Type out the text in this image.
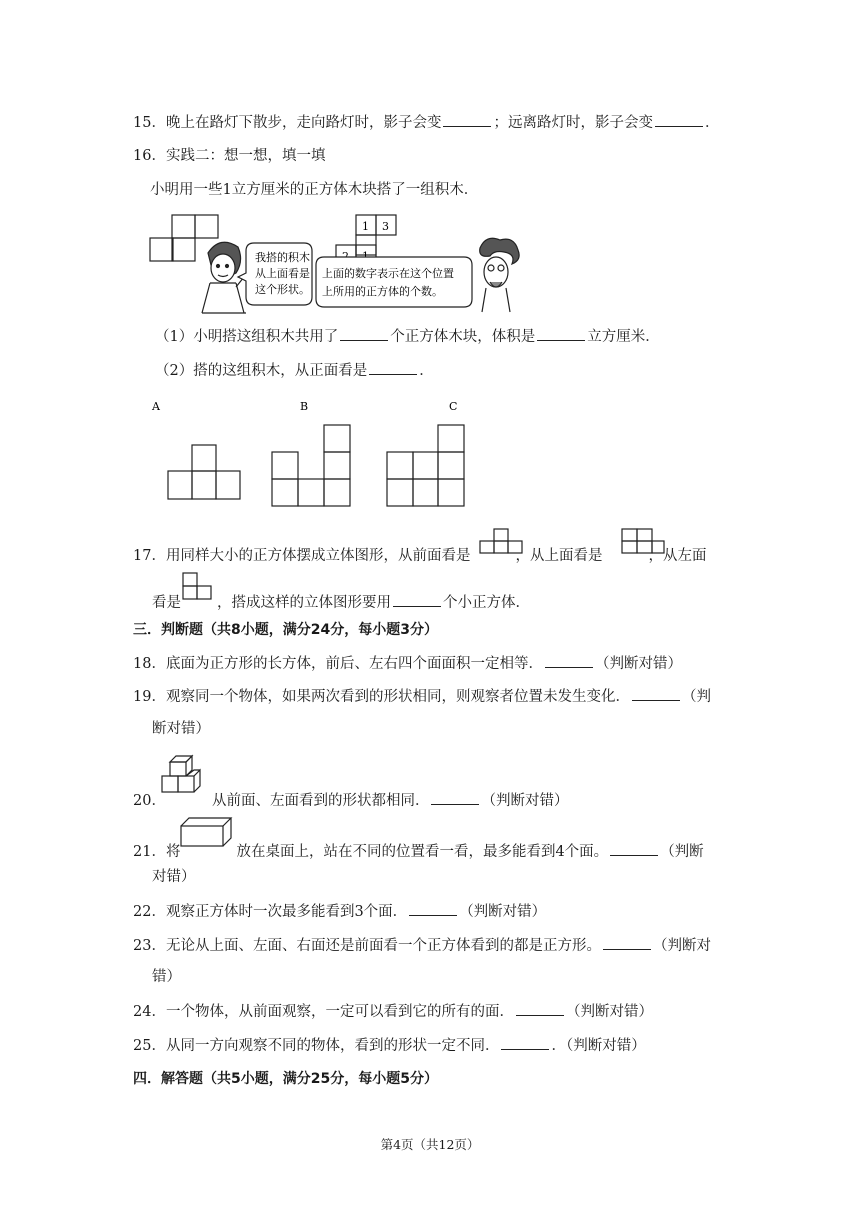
15．晚上在路灯下散步，走向路灯时，影子会变	；远离路灯时，影子会变	．
16．实践二：想一想，填一填
小明用一些1立方厘米的正方体木块搭了一组积木．
我搭的积木
从上面看是
这个形状。
1 3
上面的数字表示在这个位置
上所用的正方体的个数。
（1）小明搭这组积木共用了	个正方体木块，体积是	立方厘米．
（2）搭的这组积木，从正面看是	．
A	B	C
17．用同样大小的正方体摆成立体图形，从前面看是	，从上面看是	，从左面
看是 ，搭成这样的立体图形要用	个小正方体．
三．判断题（共8小题，满分24分，每小题3分）
18．底面为正方形的长方体，前后、左右四个面面积一定相等．	（判断对错）
19．观察同一个物体，如果两次看到的形状相同，则观察者位置未发生变化．	（判
断对错）
20．	从前面、左面看到的形状都相同．	（判断对错）
21．将	放在桌面上，站在不同的位置看一看，最多能看到4个面。	（判断
对错）
22．观察正方体时一次最多能看到3个面．	（判断对错）
23．无论从上面、左面、右面还是前面看一个正方体看到的都是正方形。	（判断对
错）
24．一个物体，从前面观察，一定可以看到它的所有的面．	（判断对错）
25．从同一方向观察不同的物体，看到的形状一定不同．	．（判断对错）
四．解答题（共5小题，满分25分，每小题5分）
第4页（共12页）
